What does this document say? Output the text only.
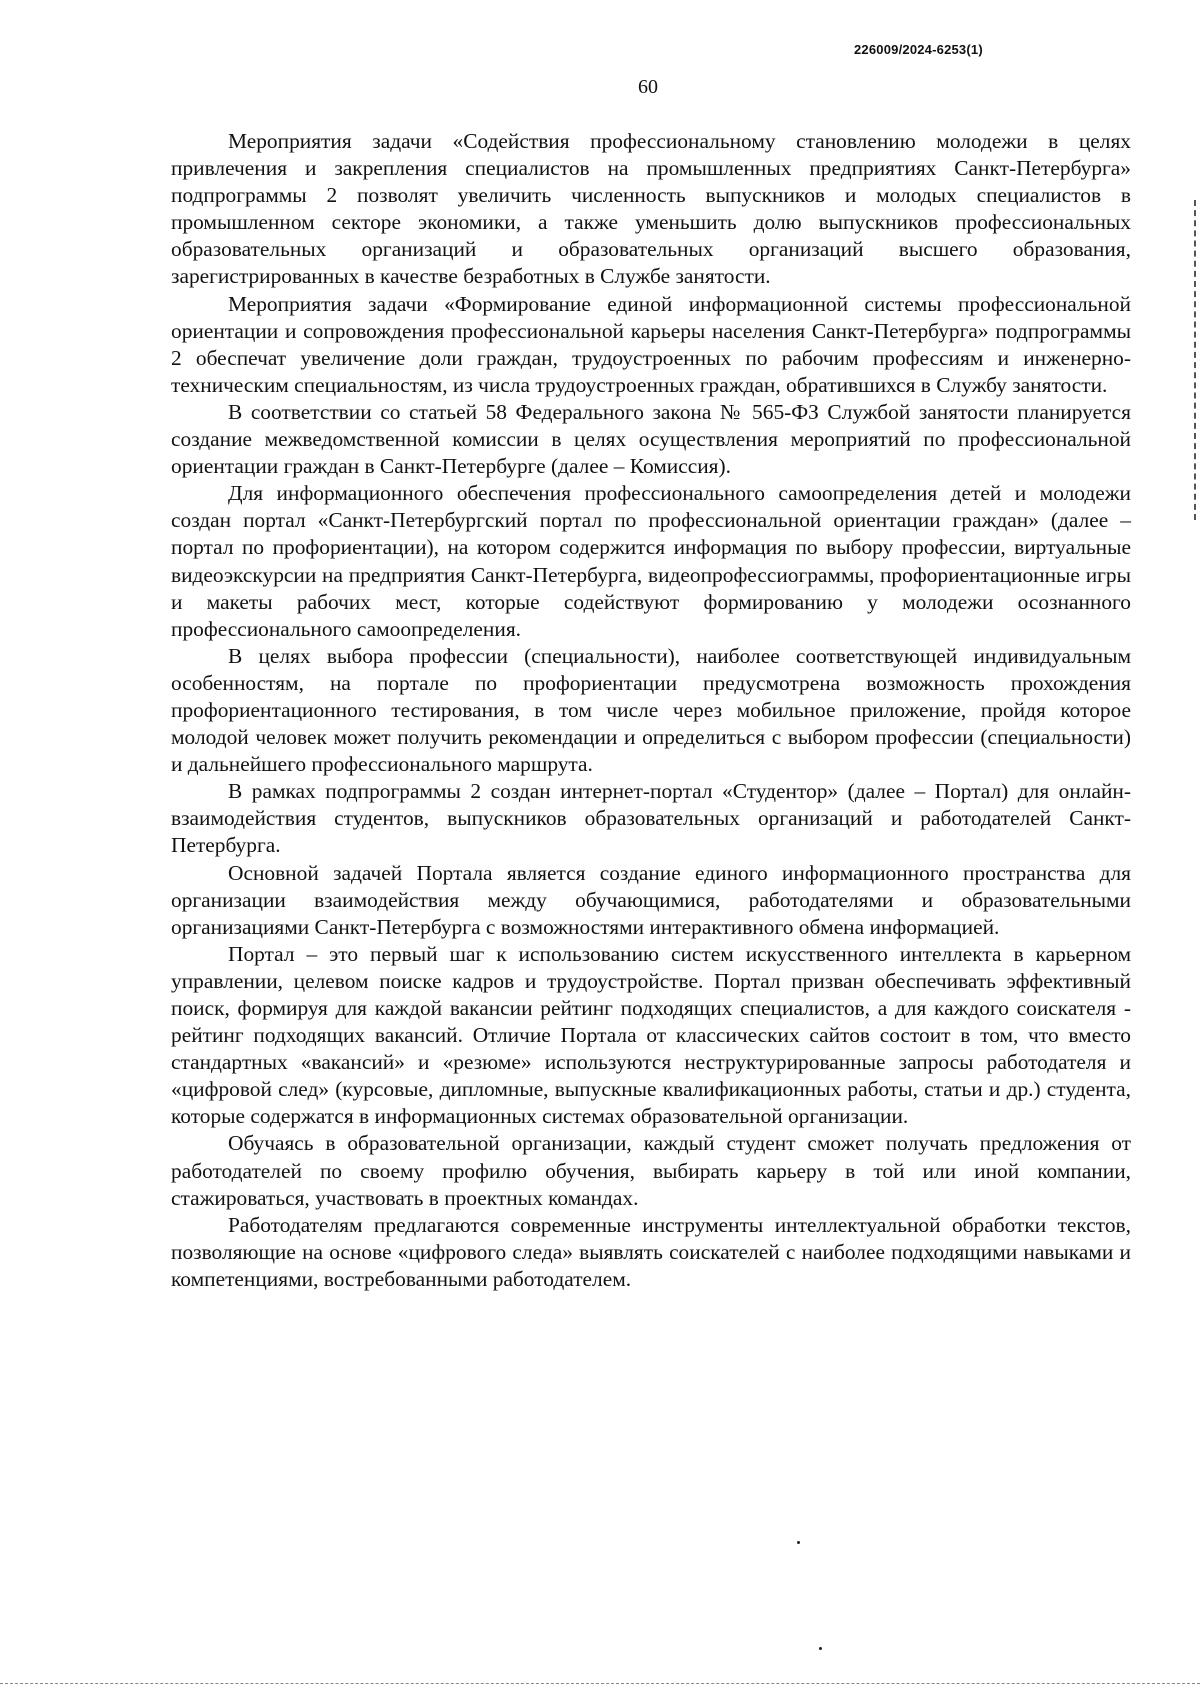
226009/2024-6253(1)
60

Мероприятия задачи «Содействия профессиональному становлению молодежи в целях привлечения и закрепления специалистов на промышленных предприятиях Санкт-Петербурга» подпрограммы 2 позволят увеличить численность выпускников и молодых специалистов в промышленном секторе экономики, а также уменьшить долю выпускников профессиональных образовательных организаций и образовательных организаций высшего образования, зарегистрированных в качестве безработных в Службе занятости.

Мероприятия задачи «Формирование единой информационной системы профессиональной ориентации и сопровождения профессиональной карьеры населения Санкт-Петербурга» подпрограммы 2 обеспечат увеличение доли граждан, трудоустроенных по рабочим профессиям и инженерно-техническим специальностям, из числа трудоустроенных граждан, обратившихся в Службу занятости.

В соответствии со статьей 58 Федерального закона № 565-ФЗ Службой занятости планируется создание межведомственной комиссии в целях осуществления мероприятий по профессиональной ориентации граждан в Санкт-Петербурге (далее – Комиссия).

Для информационного обеспечения профессионального самоопределения детей и молодежи создан портал «Санкт-Петербургский портал по профессиональной ориентации граждан» (далее – портал по профориентации), на котором содержится информация по выбору профессии, виртуальные видеоэкскурсии на предприятия Санкт-Петербурга, видеопрофессиограммы, профориентационные игры и макеты рабочих мест, которые содействуют формированию у молодежи осознанного профессионального самоопределения.

В целях выбора профессии (специальности), наиболее соответствующей индивидуальным особенностям, на портале по профориентации предусмотрена возможность прохождения профориентационного тестирования, в том числе через мобильное приложение, пройдя которое молодой человек может получить рекомендации и определиться с выбором профессии (специальности) и дальнейшего профессионального маршрута.

В рамках подпрограммы 2 создан интернет-портал «Студентор» (далее – Портал) для онлайн-взаимодействия студентов, выпускников образовательных организаций и работодателей Санкт-Петербурга.

Основной задачей Портала является создание единого информационного пространства для организации взаимодействия между обучающимися, работодателями и образовательными организациями Санкт-Петербурга с возможностями интерактивного обмена информацией.

Портал – это первый шаг к использованию систем искусственного интеллекта в карьерном управлении, целевом поиске кадров и трудоустройстве. Портал призван обеспечивать эффективный поиск, формируя для каждой вакансии рейтинг подходящих специалистов, а для каждого соискателя - рейтинг подходящих вакансий. Отличие Портала от классических сайтов состоит в том, что вместо стандартных «вакансий» и «резюме» используются неструктурированные запросы работодателя и «цифровой след» (курсовые, дипломные, выпускные квалификационных работы, статьи и др.) студента, которые содержатся в информационных системах образовательной организации.

Обучаясь в образовательной организации, каждый студент сможет получать предложения от работодателей по своему профилю обучения, выбирать карьеру в той или иной компании, стажироваться, участвовать в проектных командах.

Работодателям предлагаются современные инструменты интеллектуальной обработки текстов, позволяющие на основе «цифрового следа» выявлять соискателей с наиболее подходящими навыками и компетенциями, востребованными работодателем.
